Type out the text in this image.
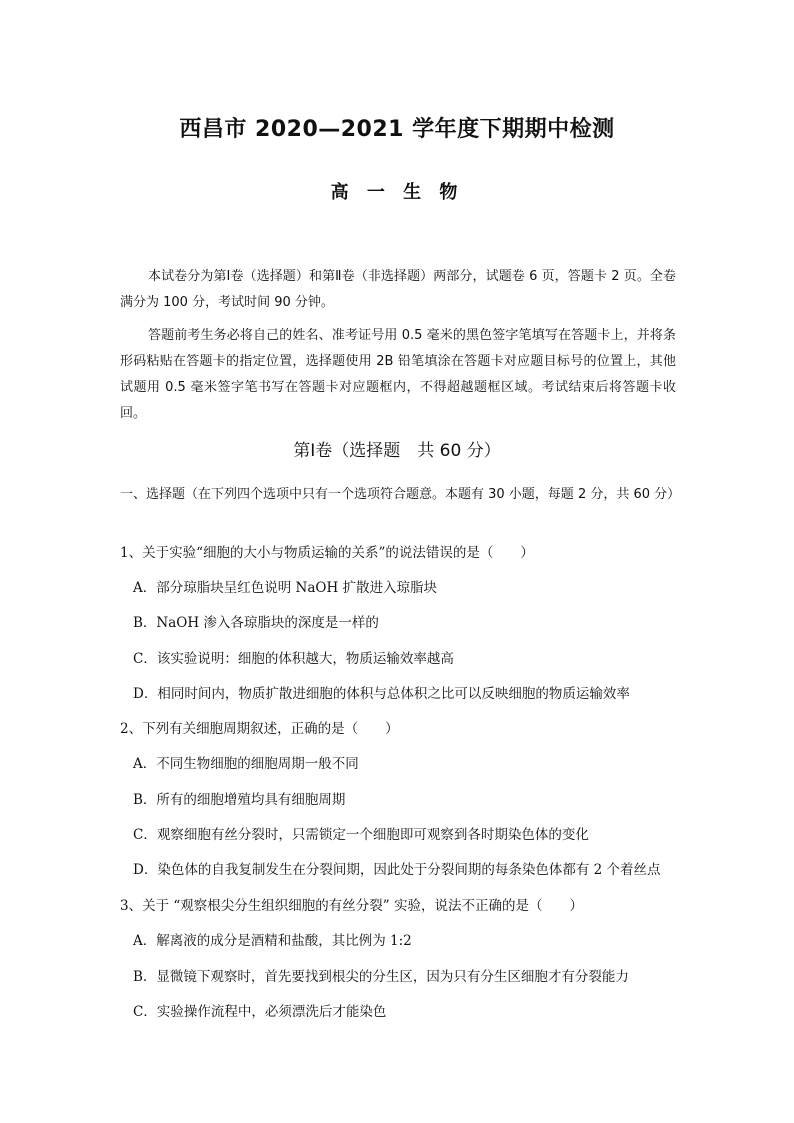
西昌市 2020—2021 学年度下期期中检测
高 一 生 物
本试卷分为第Ⅰ卷（选择题）和第Ⅱ卷（非选择题）两部分，试题卷 6 页，答题卡 2 页。全卷满分为 100 分，考试时间 90 分钟。
答题前考生务必将自己的姓名、准考证号用 0.5 毫米的黑色签字笔填写在答题卡上，并将条形码粘贴在答题卡的指定位置，选择题使用 2B 铅笔填涂在答题卡对应题目标号的位置上，其他试题用 0.5 毫米签字笔书写在答题卡对应题框内，不得超越题框区域。考试结束后将答题卡收回。
第Ⅰ卷（选择题　共 60 分）
一、选择题（在下列四个选项中只有一个选项符合题意。本题有 30 小题，每题 2 分，共 60 分）
1、关于实验“细胞的大小与物质运输的关系”的说法错误的是（　　）
A．部分琼脂块呈红色说明 NaOH 扩散进入琼脂块
B．NaOH 渗入各琼脂块的深度是一样的
C．该实验说明：细胞的体积越大，物质运输效率越高
D．相同时间内，物质扩散进细胞的体积与总体积之比可以反映细胞的物质运输效率
2、下列有关细胞周期叙述，正确的是（　　）
A．不同生物细胞的细胞周期一般不同
B．所有的细胞增殖均具有细胞周期
C．观察细胞有丝分裂时，只需锁定一个细胞即可观察到各时期染色体的变化
D．染色体的自我复制发生在分裂间期，因此处于分裂间期的每条染色体都有 2 个着丝点
3、关于 “观察根尖分生组织细胞的有丝分裂” 实验，说法不正确的是（　　）
A．解离液的成分是酒精和盐酸，其比例为 1:2
B．显微镜下观察时，首先要找到根尖的分生区，因为只有分生区细胞才有分裂能力
C．实验操作流程中，必须漂洗后才能染色
